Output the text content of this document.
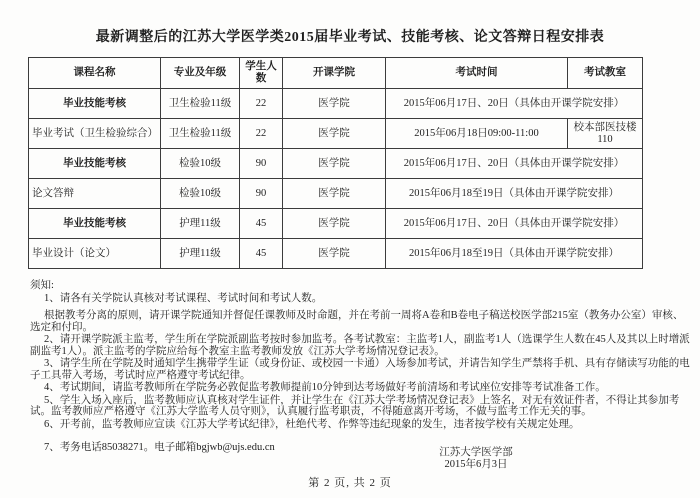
最新调整后的江苏大学医学类2015届毕业考试、技能考核、论文答辩日程安排表
课程名称	专业及年级	学生人数	开课学院	考试时间	考试教室
毕业技能考核	卫生检验11级	22	医学院	2015年06月17日、20日（具体由开课学院安排）	
毕业考试（卫生检验综合）	卫生检验11级	22	医学院	2015年06月18日09:00-11:00	校本部医技楼110
毕业技能考核	检验10级	90	医学院	2015年06月17日、20日（具体由开课学院安排）	
论文答辩	检验10级	90	医学院	2015年06月18至19日（具体由开课学院安排）	
毕业技能考核	护理11级	45	医学院	2015年06月17日、20日（具体由开课学院安排）	
毕业设计（论文）	护理11级	45	医学院	2015年06月18至19日（具体由开课学院安排）	
须知:
1、请各有关学院认真核对考试课程、考试时间和考试人数。
根据教考分离的原则，请开课学院通知并督促任课教师及时命题，并在考前一周将A卷和B卷电子稿送校医学部215室（教务办公室）审核、选定和付印。
2、请开课学院派主监考，学生所在学院派副监考按时参加监考。各考试教室：主监考1人，副监考1人（选课学生人数在45人及其以上时增派副监考1人）。派主监考的学院应给每个教室主监考教师发放《江苏大学考场情况登记表》。
3、请学生所在学院及时通知学生携带学生证（或身份证、或校园一卡通）入场参加考试，并请告知学生严禁将手机、具有存储读写功能的电子工具带入考场，考试时应严格遵守考试纪律。
4、考试期间，请监考教师所在学院务必敦促监考教师提前10分钟到达考场做好考前清场和考试座位安排等考试准备工作。
5、学生入场入座后，监考教师应认真核对学生证件，并让学生在《江苏大学考场情况登记表》上签名，对无有效证件者，不得让其参加考试。监考教师应严格遵守《江苏大学监考人员守则》，认真履行监考职责，不得随意离开考场，不做与监考工作无关的事。
6、开考前，监考教师应宣读《江苏大学考试纪律》，杜绝代考、作弊等违纪现象的发生，违者按学校有关规定处理。
7、考务电话85038271。电子邮箱bgjwb@ujs.edu.cn	江苏大学医学部
2015年6月3日
第 2 页, 共 2 页
